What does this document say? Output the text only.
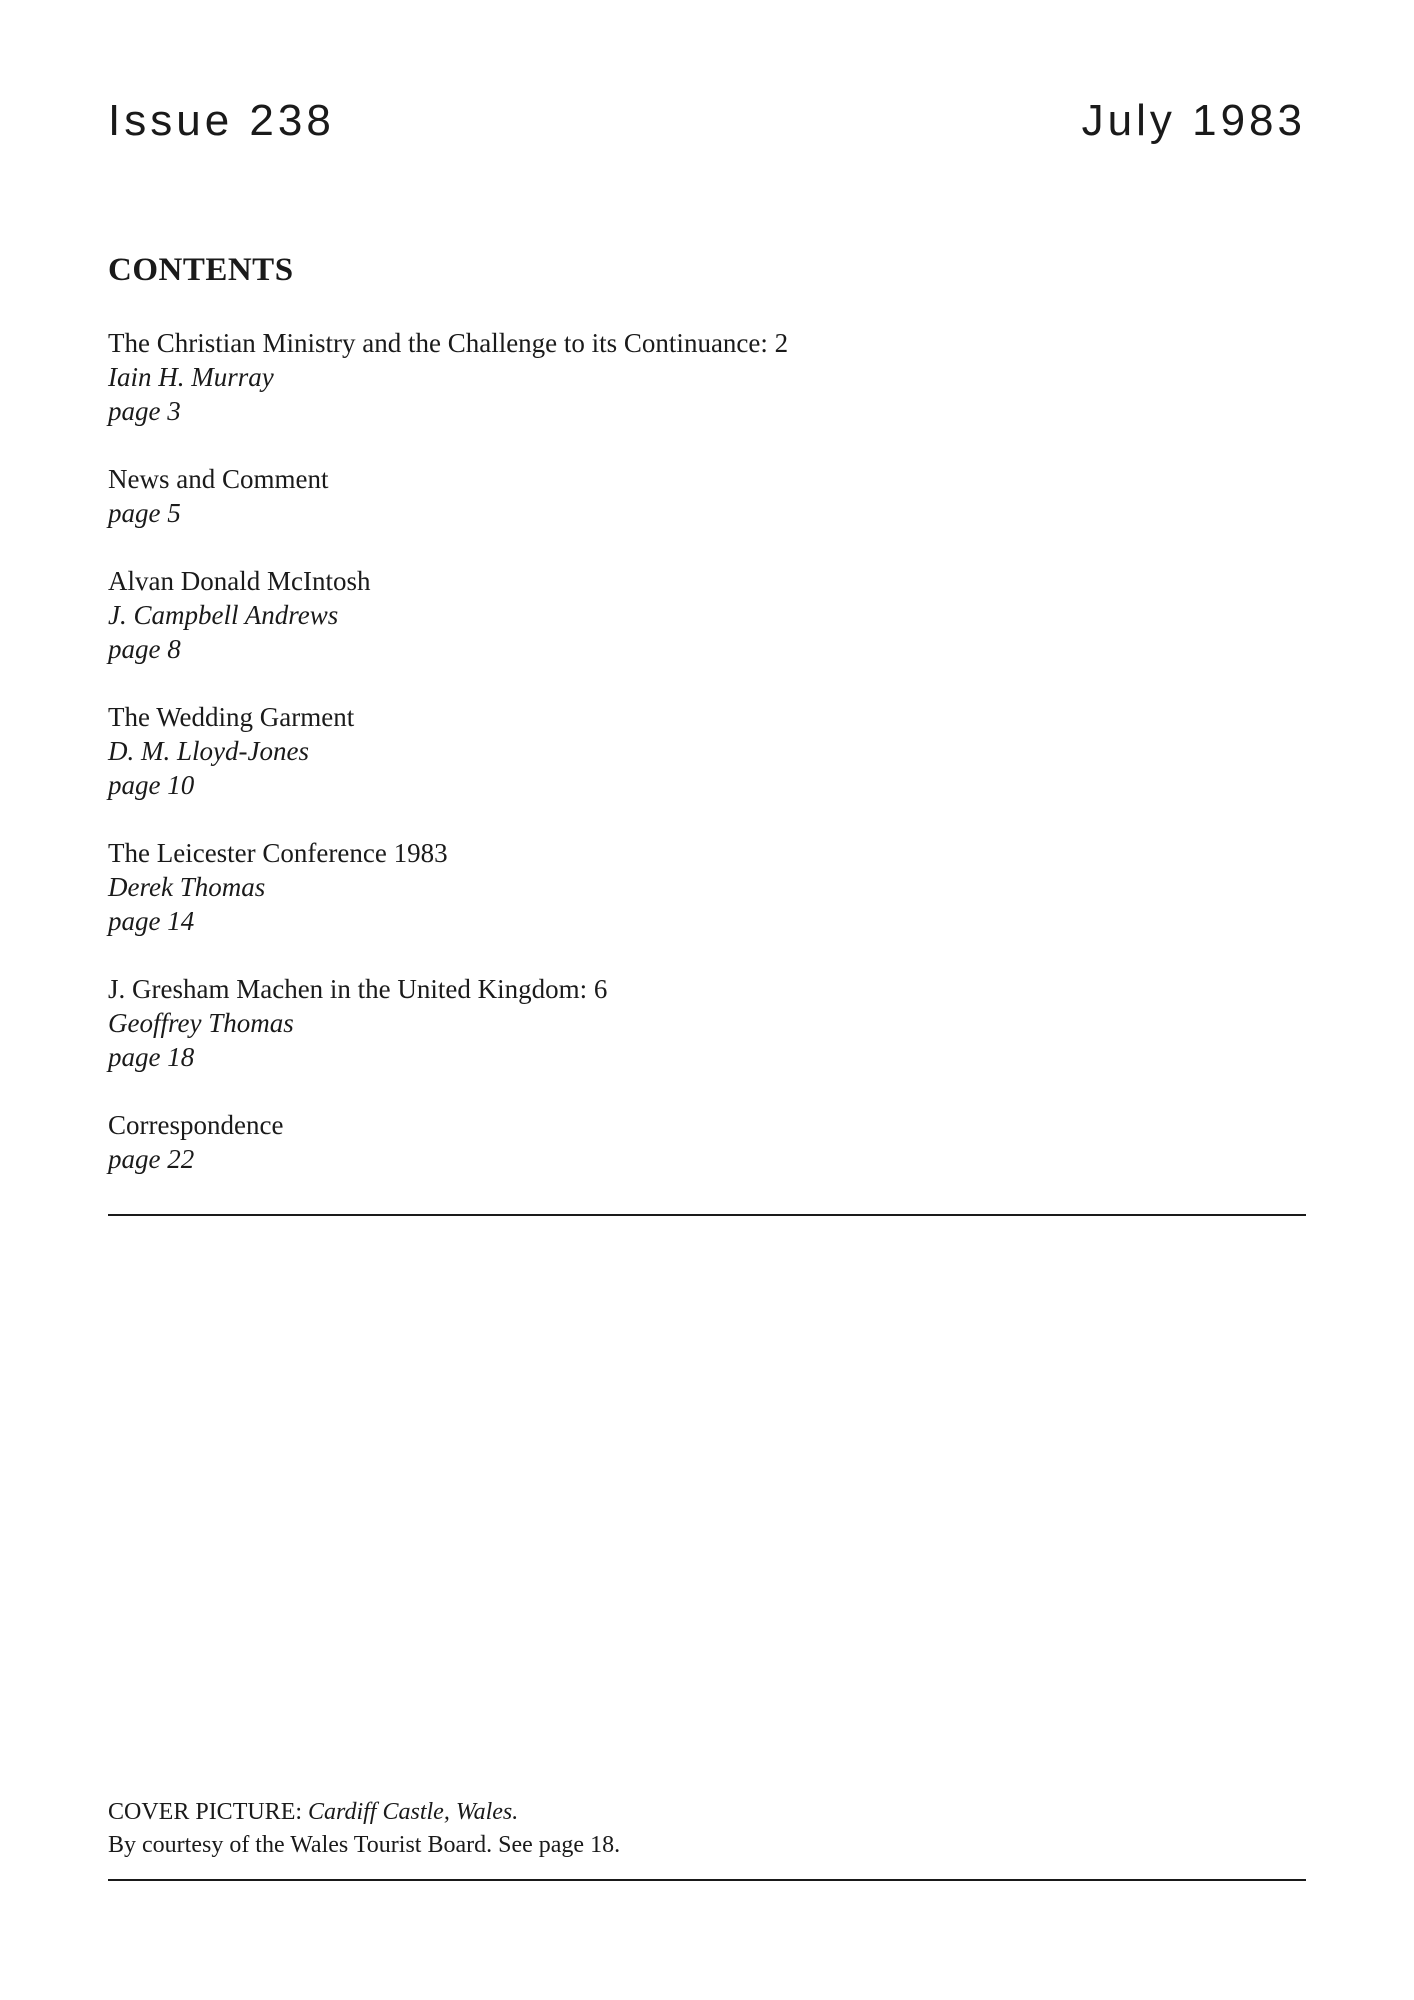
Issue 238	July 1983
CONTENTS
The Christian Ministry and the Challenge to its Continuance: 2
Iain H. Murray
page 3
News and Comment
page 5
Alvan Donald McIntosh
J. Campbell Andrews
page 8
The Wedding Garment
D. M. Lloyd-Jones
page 10
The Leicester Conference 1983
Derek Thomas
page 14
J. Gresham Machen in the United Kingdom: 6
Geoffrey Thomas
page 18
Correspondence
page 22
COVER PICTURE: Cardiff Castle, Wales.
By courtesy of the Wales Tourist Board. See page 18.
